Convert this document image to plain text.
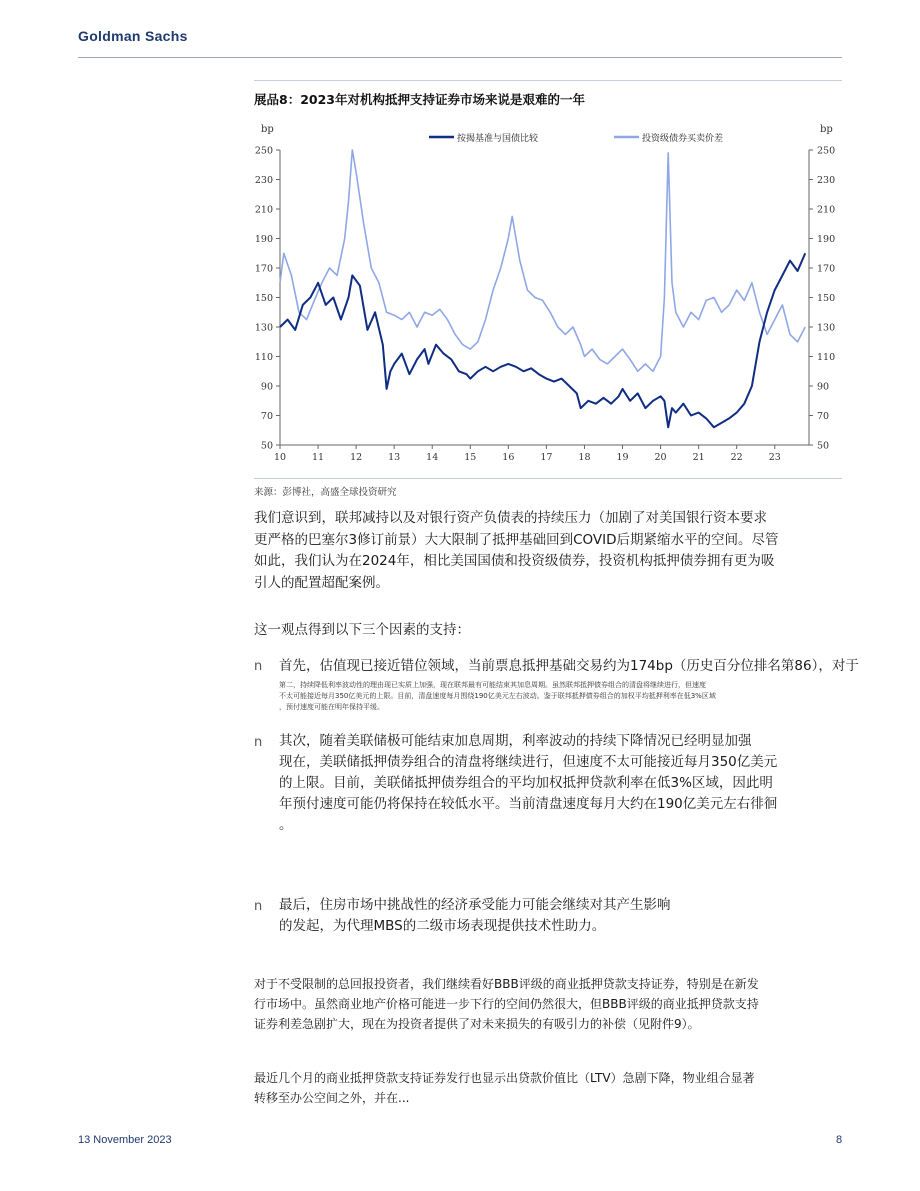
Goldman Sachs
展品8：2023年对机构抵押支持证券市场来说是艰难的一年
bp	bp
250
230
210
190
170
150
130
110
90
70
50
250
230
210
190
170
150
130
110
90
70
50
10	11	12	13	14	15	16	17	18	19	20	21	22	23
按揭基准与国债比较	投资级债券买卖价差
来源：彭博社，高盛全球投资研究
我们意识到，联邦减持以及对银行资产负债表的持续压力（加剧了对美国银行资本要求
更严格的巴塞尔3修订前景）大大限制了抵押基础回到COVID后期紧缩水平的空间。尽管
如此，我们认为在2024年，相比美国国债和投资级债券，投资机构抵押债券拥有更为吸
引人的配置超配案例。
这一观点得到以下三个因素的支持：
n 首先，估值现已接近错位领域，当前票息抵押基础交易约为174bp（历史百分位排名第86），对于
第二，持续降低利率波动性的理由现已实质上加强，现在联邦最有可能结束其加息周期。虽然联邦抵押债券组合的清盘将继续进行，但速度
不太可能接近每月350亿美元的上限。目前，清盘速度每月围绕190亿美元左右波动。鉴于联邦抵押债券组合的加权平均抵押利率在低3%区域
，预付速度可能在明年保持平缓。
n 其次，随着美联储极可能结束加息周期，利率波动的持续下降情况已经明显加强
现在，美联储抵押债券组合的清盘将继续进行，但速度不太可能接近每月350亿美元
的上限。目前，美联储抵押债券组合的平均加权抵押贷款利率在低3%区域，因此明
年预付速度可能仍将保持在较低水平。当前清盘速度每月大约在190亿美元左右徘徊
。
n 最后，住房市场中挑战性的经济承受能力可能会继续对其产生影响
的发起，为代理MBS的二级市场表现提供技术性助力。
对于不受限制的总回报投资者，我们继续看好BBB评级的商业抵押贷款支持证券，特别是在新发
行市场中。虽然商业地产价格可能进一步下行的空间仍然很大，但BBB评级的商业抵押贷款支持
证券利差急剧扩大，现在为投资者提供了对未来损失的有吸引力的补偿（见附件9）。
最近几个月的商业抵押贷款支持证券发行也显示出贷款价值比（LTV）急剧下降，物业组合显著
转移至办公空间之外，并在...
13 November 2023	8
